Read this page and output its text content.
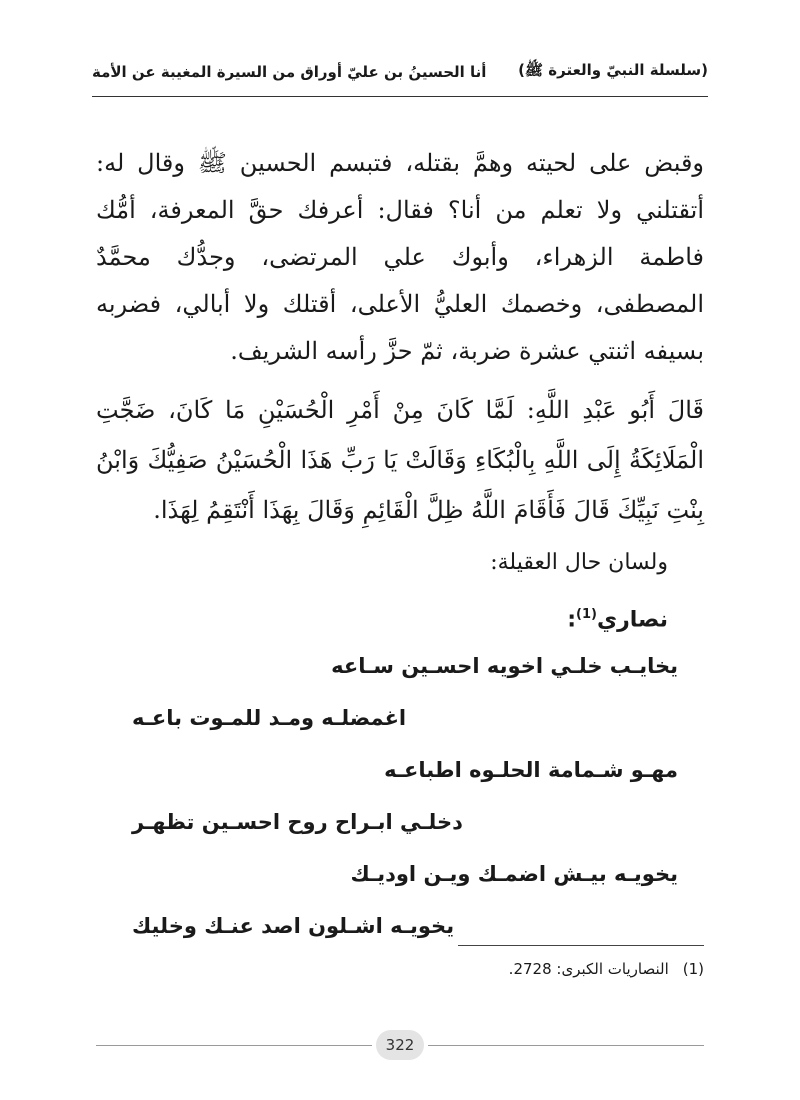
(سلسلة النبيّ والعترة ﷺ)
أنا الحسينُ بن عليّ أوراق من السيرة المغيبة عن الأمة

وقبض على لحيته وهمَّ بقتله، فتبسم الحسين ﷺ وقال له: أتقتلني ولا تعلم من أنا؟ فقال: أعرفك حقَّ المعرفة، أمُّك فاطمة الزهراء، وأبوك علي المرتضى، وجدُّك محمَّدٌ المصطفى، وخصمك العليُّ الأعلى، أقتلك ولا أبالي، فضربه بسيفه اثنتي عشرة ضربة، ثمّ حزَّ رأسه الشريف.

قَالَ أَبُو عَبْدِ اللَّهِ: لَمَّا كَانَ مِنْ أَمْرِ الْحُسَيْنِ مَا كَانَ، ضَجَّتِ الْمَلَائِكَةُ إِلَى اللَّهِ بِالْبُكَاءِ وَقَالَتْ يَا رَبِّ هَذَا الْحُسَيْنُ صَفِيُّكَ وَابْنُ بِنْتِ نَبِيِّكَ قَالَ فَأَقَامَ اللَّهُ ظِلَّ الْقَائِمِ وَقَالَ بِهَذَا أَنْتَقِمُ لِهَذَا.

ولسان حال العقيلة:

نصاري$^{(1)}$:

يخايـب خلـي اخويه احسـين سـاعه
اغمضلـه ومـد للمـوت باعـه
مهـو شـمامة الحلـوه اطباعـه
دخلـي ابـراح روح احسـين تظهـر
يخويـه بيـش اضمـك ويـن اوديـك
يخويـه اشـلون اصد عنـك وخليك
(1)النصاريات الكبرى: 2728.
322
